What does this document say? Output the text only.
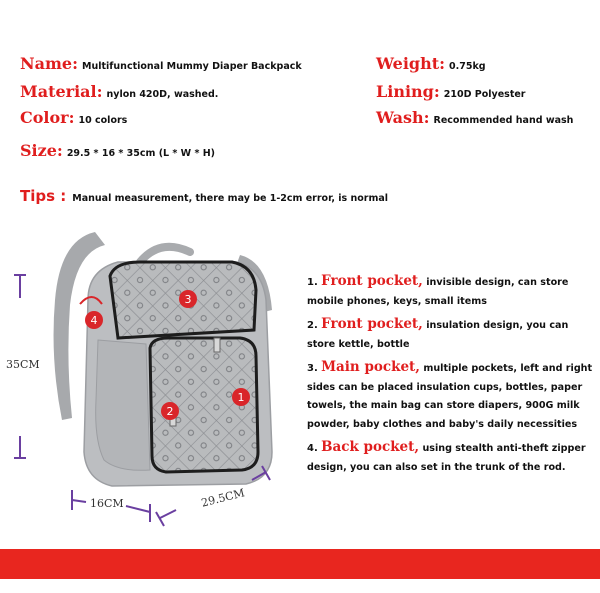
Name: Multifunctional Mummy Diaper Backpack
Material: nylon 420D, washed.
Color: 10 colors
Size: 29.5 * 16 * 35cm (L * W * H)
Weight: 0.75kg
Lining: 210D Polyester
Wash: Recommended hand wash
Tips : Manual measurement, there may be 1-2cm error, is normal
1
2
3
4
35CM
16CM	29.5CM
1. Front pocket, invisible design, can store mobile phones, keys, small items
2. Front pocket, insulation design, you can store kettle, bottle
3. Main pocket, multiple pockets, left and right sides can be placed insulation cups, bottles, paper towels, the main bag can store diapers, 900G milk powder, baby clothes and baby's daily necessities
4. Back pocket, using stealth anti-theft zipper design, you can also set in the trunk of the rod.
